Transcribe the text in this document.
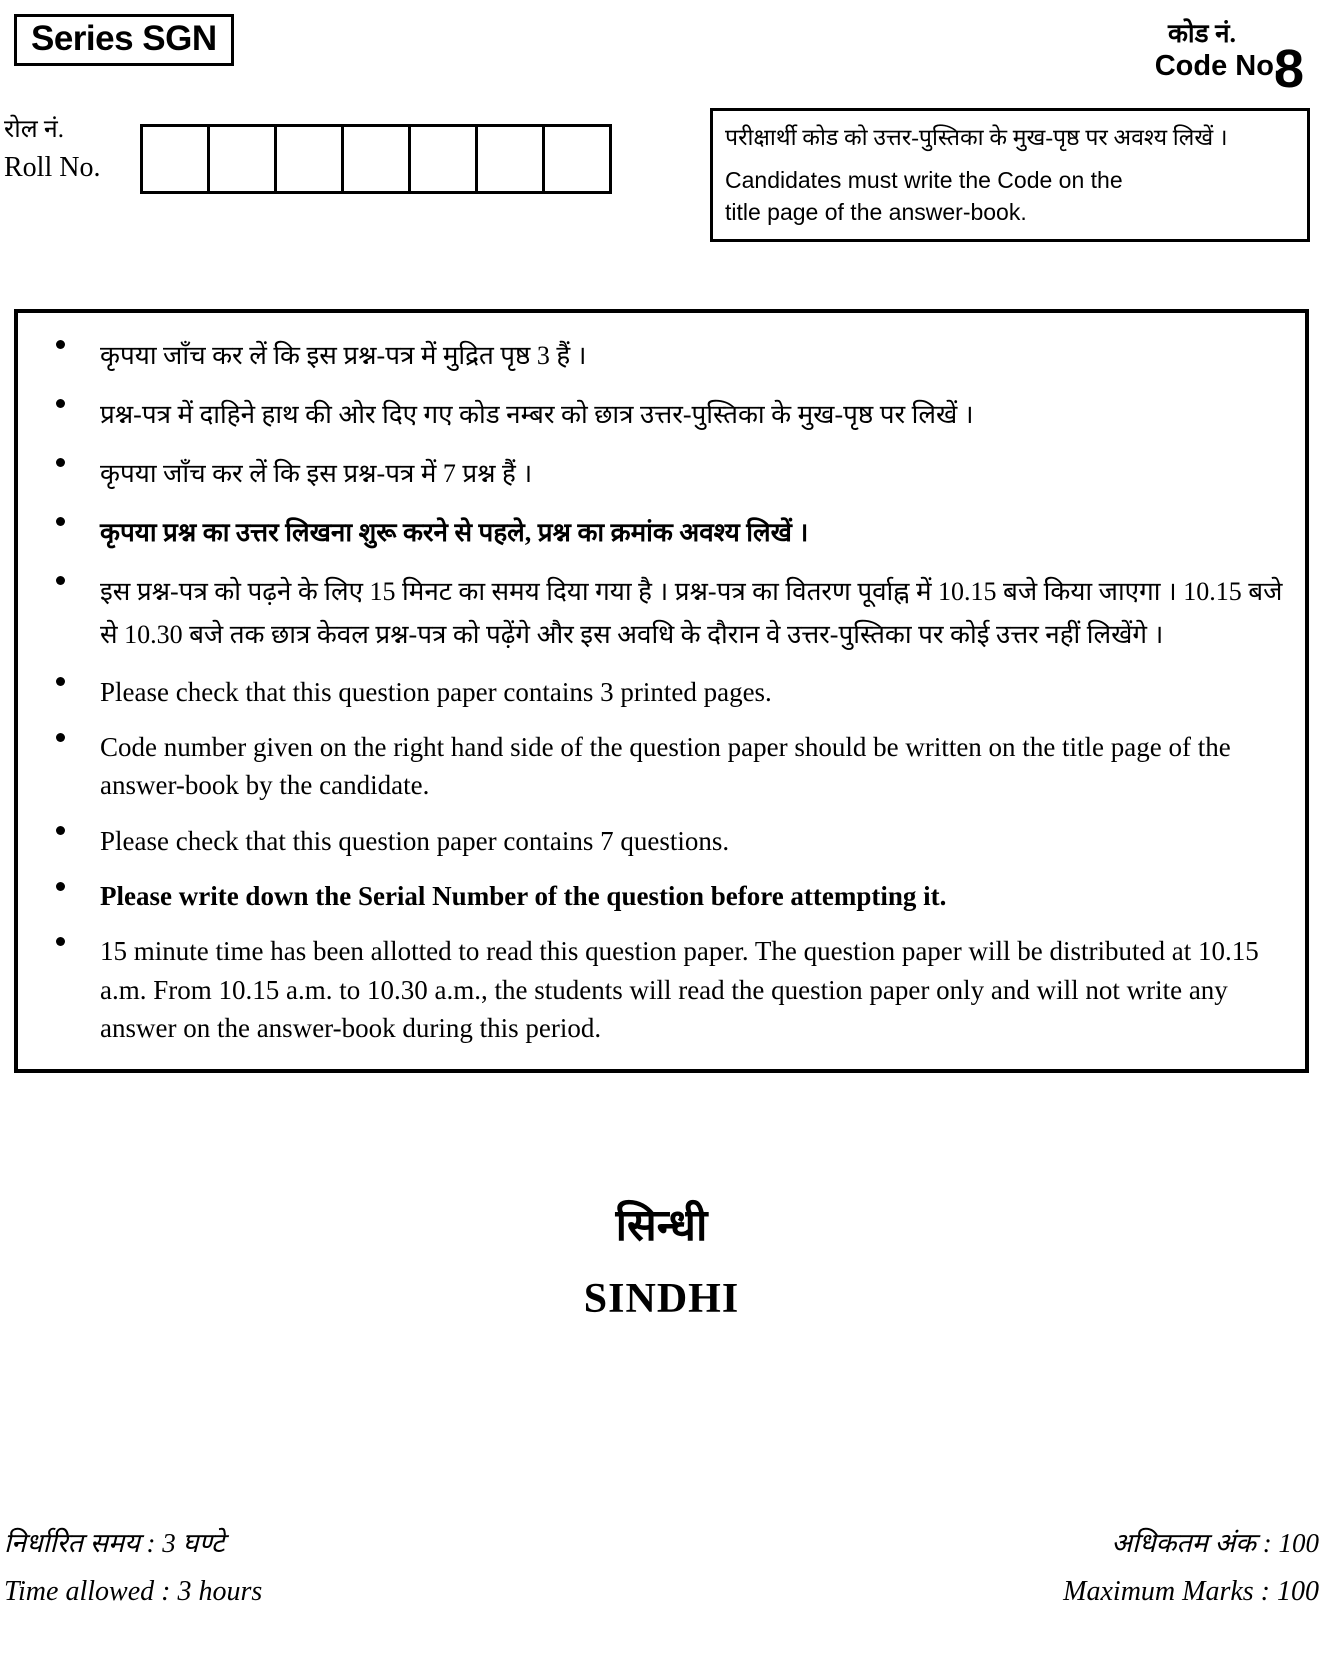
Series SGN
रोल नं.
Roll No.
कोड नं.
Code No.
8

परीक्षार्थी कोड को उत्तर-पुस्तिका के मुख-पृष्ठ पर अवश्य लिखें ।

Candidates must write the Code on the

title page of the answer-book.

कृपया जाँच कर लें कि इस प्रश्न-पत्र में मुद्रित पृष्ठ 3 हैं ।
प्रश्न-पत्र में दाहिने हाथ की ओर दिए गए कोड नम्बर को छात्र उत्तर-पुस्तिका के मुख-पृष्ठ पर लिखें ।
कृपया जाँच कर लें कि इस प्रश्न-पत्र में 7 प्रश्न हैं ।
कृपया प्रश्न का उत्तर लिखना शुरू करने से पहले, प्रश्न का क्रमांक अवश्य लिखें ।
इस प्रश्न-पत्र को पढ़ने के लिए 15 मिनट का समय दिया गया है । प्रश्न-पत्र का वितरण पूर्वाह्न में 10.15 बजे किया जाएगा । 10.15 बजे से 10.30 बजे तक छात्र केवल प्रश्न-पत्र को पढ़ेंगे और इस अवधि के दौरान वे उत्तर-पुस्तिका पर कोई उत्तर नहीं लिखेंगे ।
Please check that this question paper contains 3 printed pages.
Code number given on the right hand side of the question paper should be written on the title page of the answer-book by the candidate.
Please check that this question paper contains 7 questions.
Please write down the Serial Number of the question before attempting it.
15 minute time has been allotted to read this question paper. The question paper will be distributed at 10.15 a.m. From 10.15 a.m. to 10.30 a.m., the students will read the question paper only and will not write any answer on the answer-book during this period.
सिन्धी
SINDHI
निर्धारित समय : 3 घण्टे	अधिकतम अंक : 100
Time allowed : 3 hours	Maximum Marks : 100
